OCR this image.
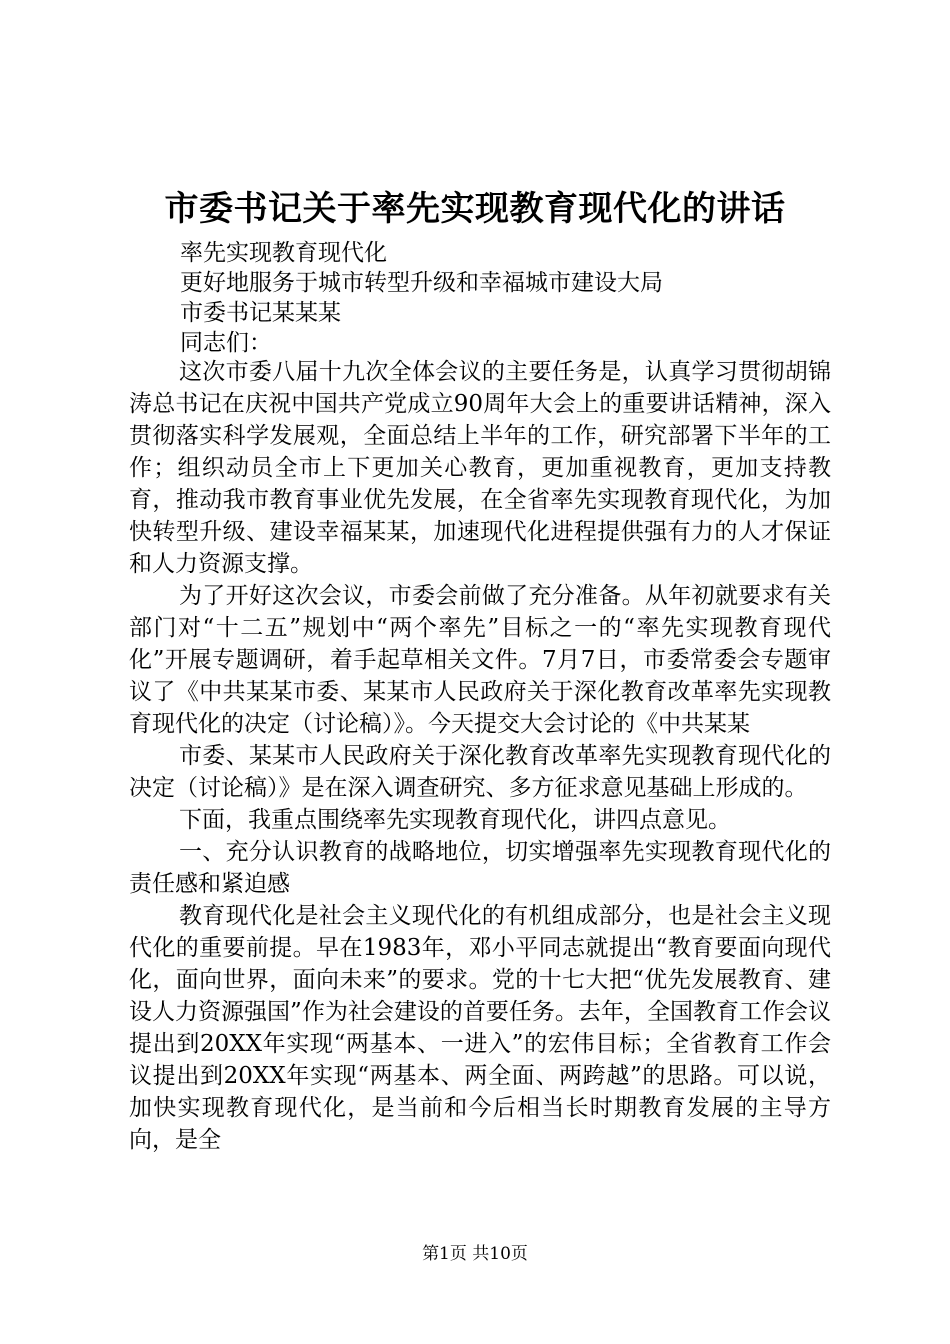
市委书记关于率先实现教育现代化的讲话
率先实现教育现代化
更好地服务于城市转型升级和幸福城市建设大局
市委书记某某某
同志们：

这次市委八届十九次全体会议的主要任务是，认真学习贯彻胡锦涛总书记在庆祝中国共产党成立90周年大会上的重要讲话精神，深入贯彻落实科学发展观，全面总结上半年的工作，研究部署下半年的工作；组织动员全市上下更加关心教育，更加重视教育，更加支持教育，推动我市教育事业优先发展，在全省率先实现教育现代化，为加快转型升级、建设幸福某某，加速现代化进程提供强有力的人才保证和人力资源支撑。

为了开好这次会议，市委会前做了充分准备。从年初就要求有关部门对“十二五”规划中“两个率先”目标之一的“率先实现教育现代化”开展专题调研，着手起草相关文件。7月7日，市委常委会专题审议了《中共某某市委、某某市人民政府关于深化教育改革率先实现教育现代化的决定（讨论稿）》。今天提交大会讨论的《中共某某

市委、某某市人民政府关于深化教育改革率先实现教育现代化的决定（讨论稿）》是在深入调查研究、多方征求意见基础上形成的。

下面，我重点围绕率先实现教育现代化，讲四点意见。

一、充分认识教育的战略地位，切实增强率先实现教育现代化的责任感和紧迫感

教育现代化是社会主义现代化的有机组成部分，也是社会主义现代化的重要前提。早在1983年，邓小平同志就提出“教育要面向现代化，面向世界，面向未来”的要求。党的十七大把“优先发展教育、建设人力资源强国”作为社会建设的首要任务。去年，全国教育工作会议提出到20XX年实现“两基本、一进入”的宏伟目标；全省教育工作会议提出到20XX年实现“两基本、两全面、两跨越”的思路。可以说，加快实现教育现代化，是当前和今后相当长时期教育发展的主导方向，是全

第1页 共10页
